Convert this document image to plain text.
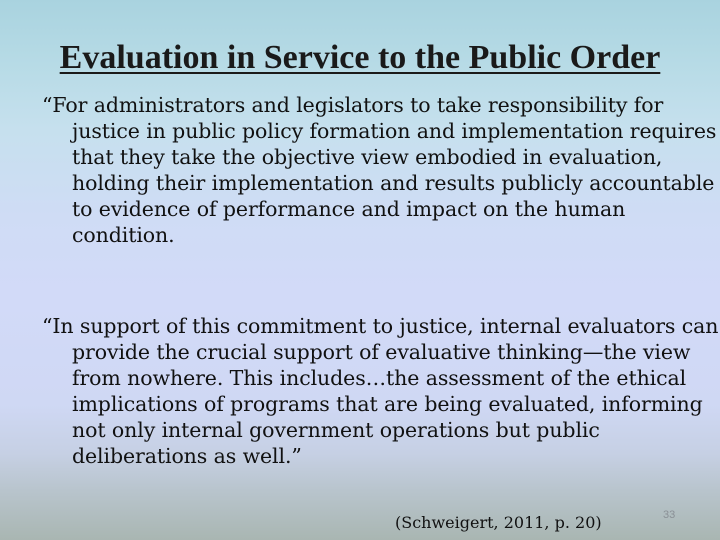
Evaluation in Service to the Public Order

“For administrators and legislators to take responsibility for justice in public policy formation and implementation requires that they take the objective view embodied in evaluation, holding their implementation and results publicly accountable to evidence of performance and impact on the human condition.

“In support of this commitment to justice, internal evaluators can provide the crucial support of evaluative thinking—the view from nowhere. This includes…the assessment of the ethical implications of programs that are being evaluated, informing not only internal government operations but public deliberations as well.”

(Schweigert, 2011, p. 20)	33
